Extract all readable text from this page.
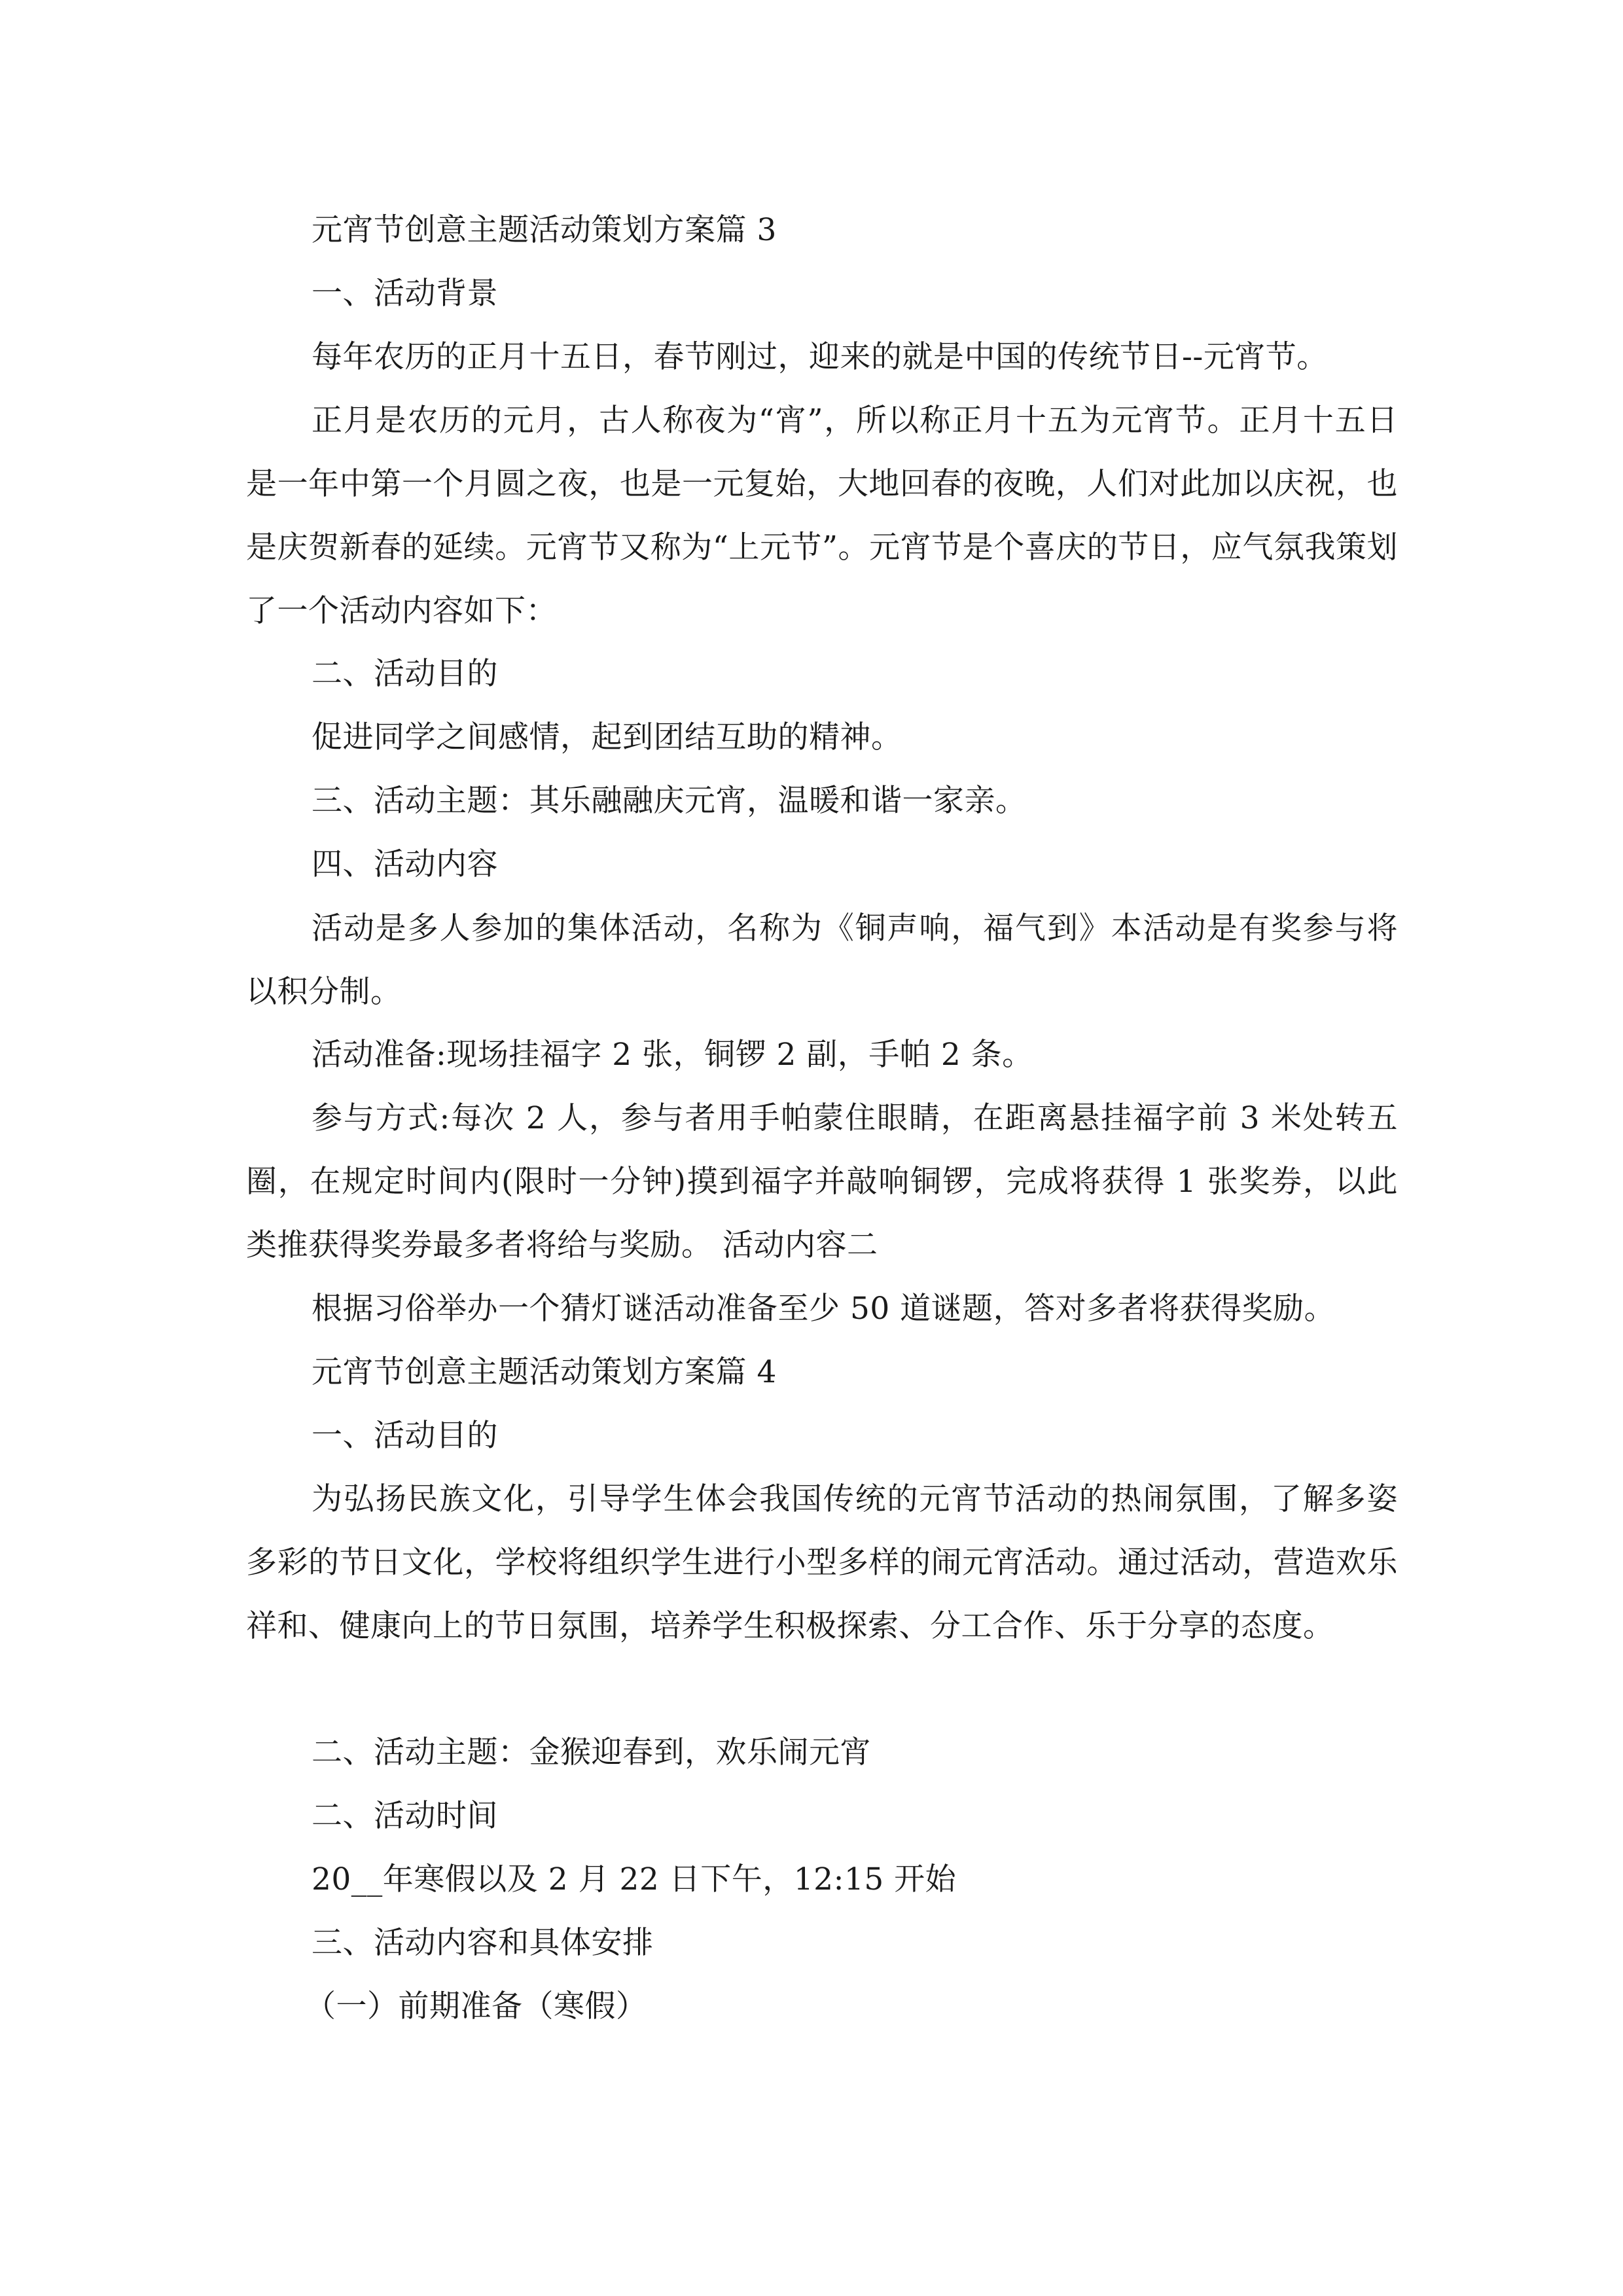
元宵节创意主题活动策划方案篇 3
一、活动背景
每年农历的正月十五日，春节刚过，迎来的就是中国的传统节日--元宵节。
正月是农历的元月，古人称夜为“宵”，所以称正月十五为元宵节。正月十五日是一年中第一个月圆之夜，也是一元复始，大地回春的夜晚，人们对此加以庆祝，也是庆贺新春的延续。元宵节又称为“上元节”。元宵节是个喜庆的节日，应气氛我策划了一个活动内容如下：
二、活动目的
促进同学之间感情，起到团结互助的精神。
三、活动主题：其乐融融庆元宵，温暖和谐一家亲。
四、活动内容
活动是多人参加的集体活动，名称为《铜声响，福气到》本活动是有奖参与将以积分制。
活动准备:现场挂福字 2 张，铜锣 2 副，手帕 2 条。
参与方式:每次 2 人，参与者用手帕蒙住眼睛，在距离悬挂福字前 3 米处转五圈，在规定时间内(限时一分钟)摸到福字并敲响铜锣，完成将获得 1 张奖券，以此类推获得奖券最多者将给与奖励。 活动内容二
根据习俗举办一个猜灯谜活动准备至少 50 道谜题，答对多者将获得奖励。
元宵节创意主题活动策划方案篇 4
一、活动目的
为弘扬民族文化，引导学生体会我国传统的元宵节活动的热闹氛围，了解多姿多彩的节日文化，学校将组织学生进行小型多样的闹元宵活动。通过活动，营造欢乐祥和、健康向上的节日氛围，培养学生积极探索、分工合作、乐于分享的态度。
二、活动主题：金猴迎春到，欢乐闹元宵
二、活动时间
20__年寒假以及 2 月 22 日下午，12:15 开始
三、活动内容和具体安排
（一）前期准备（寒假）
